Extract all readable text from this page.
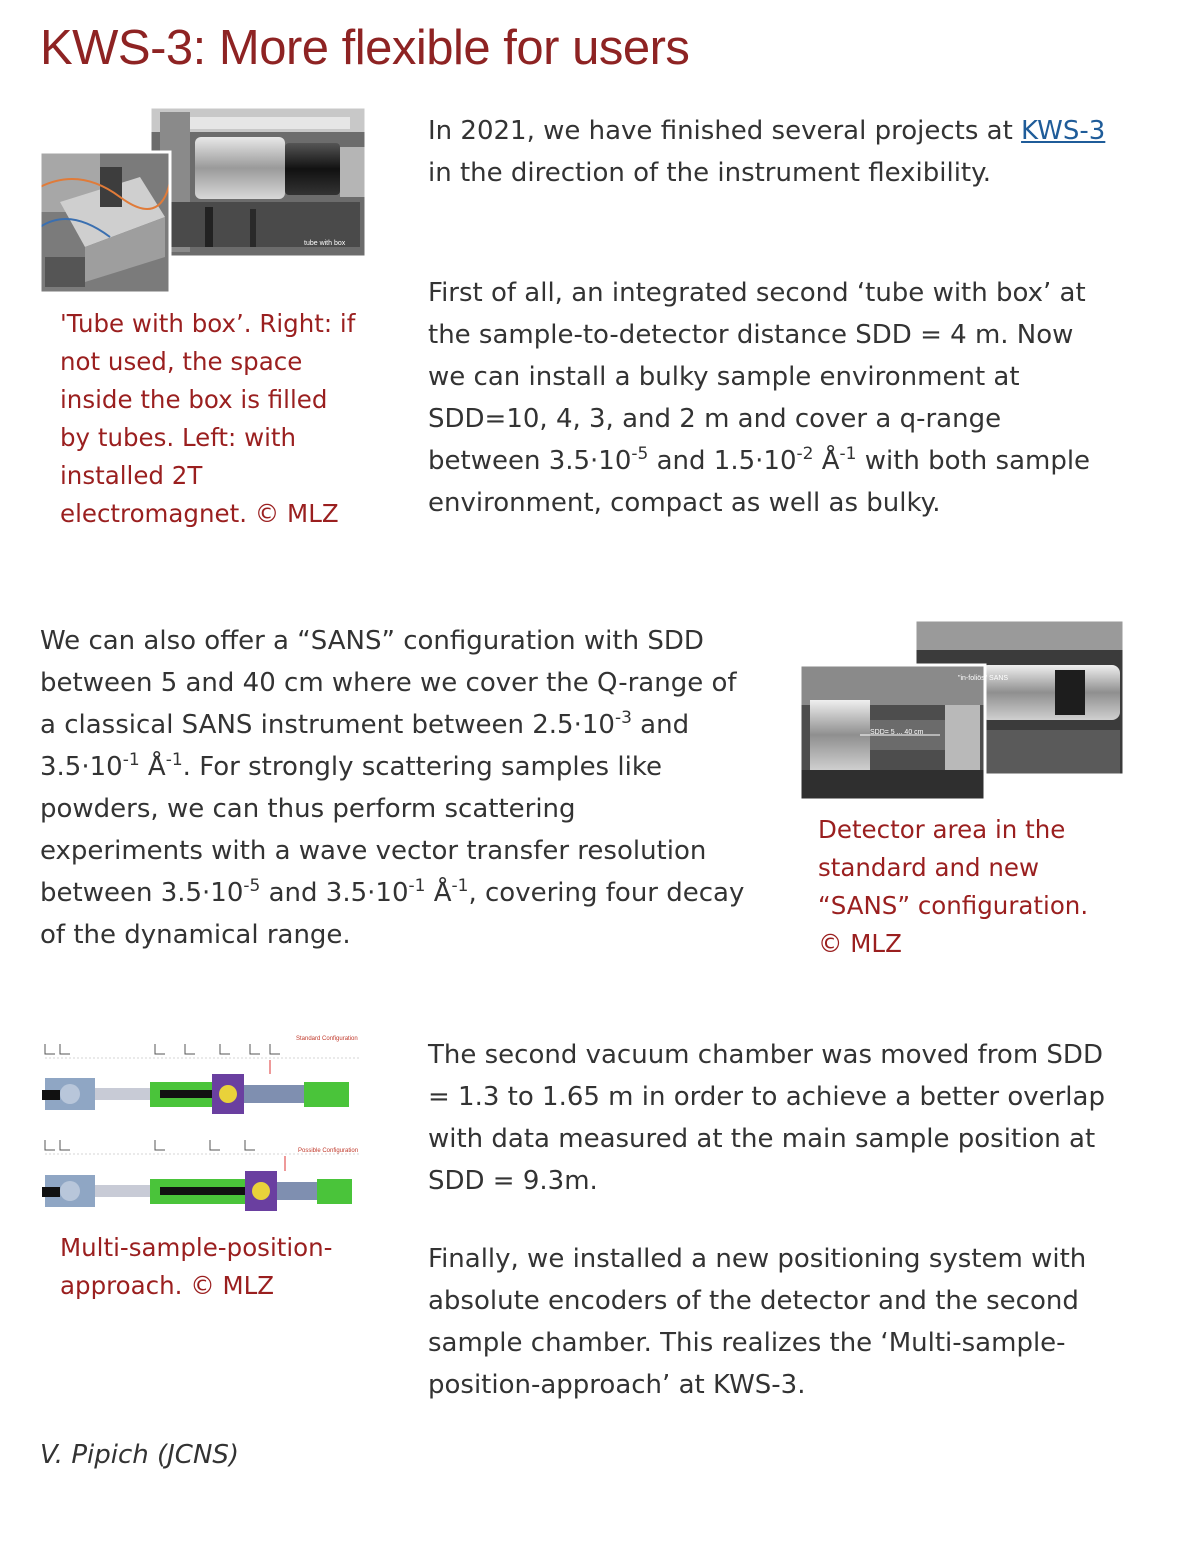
KWS-3: More flexible for users
tube with box

'Tube with box’. Right: if not used, the space inside the box is filled by tubes. Left: with installed 2T electromagnet. © MLZ

In 2021, we have finished several projects at KWS-3 in the direction of the instrument flexibility.

First of all, an integrated second ‘tube with box’ at the sample-to-detector distance SDD = 4 m. Now we can install a bulky sample environment at SDD=10, 4, 3, and 2 m and cover a q-range between $3.5\cdot 10^{-5}$ and $1.5\cdot 10^{-2}$ $Å^{-1}$ with both sample environment, compact as well as bulky.

We can also offer a “SANS” configuration with SDD between 5 and 40 cm where we cover the Q-range of a classical SANS instrument between $2.5\cdot 10^{-3}$ and $3.5\cdot 10^{-1}$ $Å^{-1}$. For strongly scattering samples like powders, we can thus perform scattering experiments with a wave vector transfer resolution between $3.5\cdot 10^{-5}$ and $3.5\cdot 10^{-1}$ $Å^{-1}$, covering four decay of the dynamical range.

"in-foliös" SANS
SDD= 5 ... 40 cm

Detector area in the standard and new “SANS” configuration. © MLZ

Standard Configuration
Possible Configuration

Multi-sample-position-approach. © MLZ

The second vacuum chamber was moved from SDD = 1.3 to 1.65 m in order to achieve a better overlap with data measured at the main sample position at SDD = 9.3m.

Finally, we installed a new positioning system with absolute encoders of the detector and the second sample chamber. This realizes the ‘Multi-sample-position-approach’ at KWS-3.

V. Pipich (JCNS)
